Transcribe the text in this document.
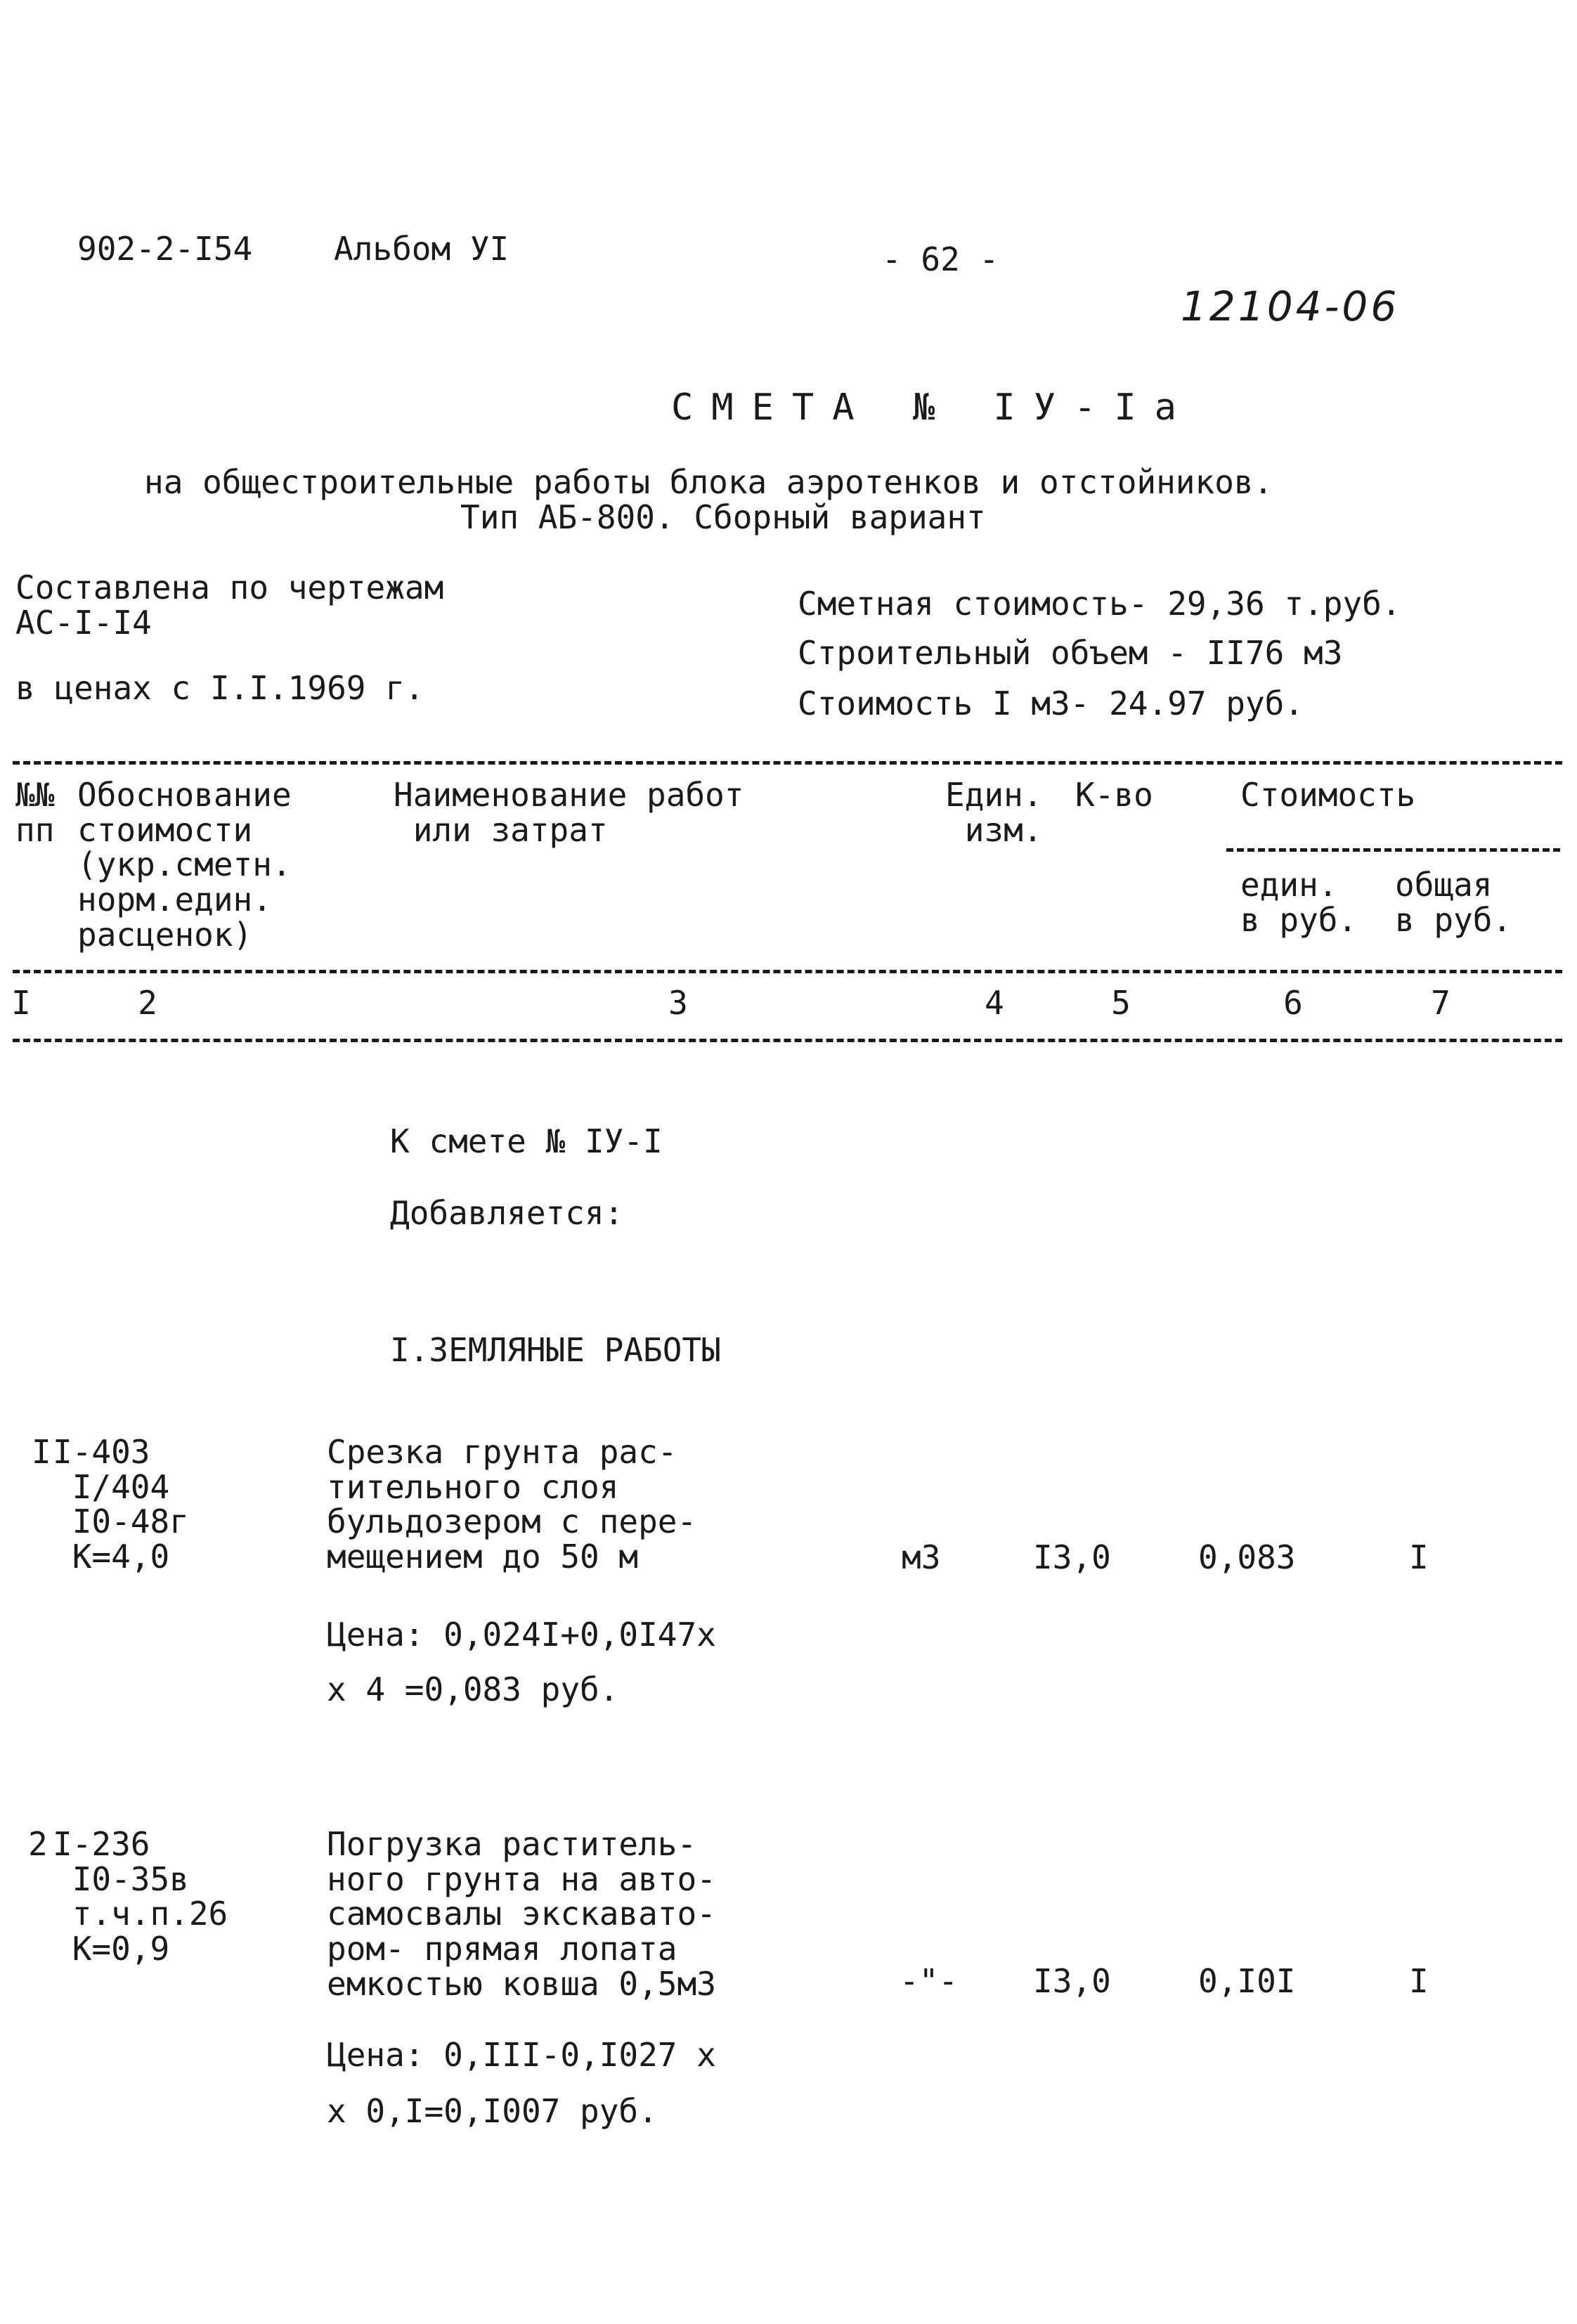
902-2-I54	Альбом УI	- 62 -
12104-06
СМЕТА № IУ-Iа
на общестроительные работы блока аэротенков и отстойников.
Тип АБ-800. Сборный вариант
Составлена по чертежам
АС-I-I4
в ценах с I.I.1969 г.
Сметная стоимость- 29,36 т.руб.
Строительный объем - II76 м3
Стоимость I м3- 24.97 руб.
№№
пп
Обоснование
стоимости
(укр.сметн.
норм.един.
расценок)
Наименование работ
или затрат
Един.
изм.
К-во	Стоимость
един.
в руб.
общая
в руб.
I	2	3	4	5	6	7
К смете № IУ-I
Добавляется:
I.ЗЕМЛЯНЫЕ РАБОТЫ
I I-403
I/404
I0-48г
К=4,0
Срезка грунта рас-
тительного слоя
бульдозером с пере-
мещением до 50 м	м3	I3,0	0,083	I
Цена: 0,024I+0,0I47х
х 4 =0,083 руб.
2 I-236
I0-35в
т.ч.п.26
К=0,9
Погрузка раститель-
ного грунта на авто-
самосвалы экскавато-
ром- прямая лопата
емкостью ковша 0,5м3	-"- I3,0	0,I0I	I
Цена: 0,III-0,I027 х
х 0,I=0,I007 руб.
